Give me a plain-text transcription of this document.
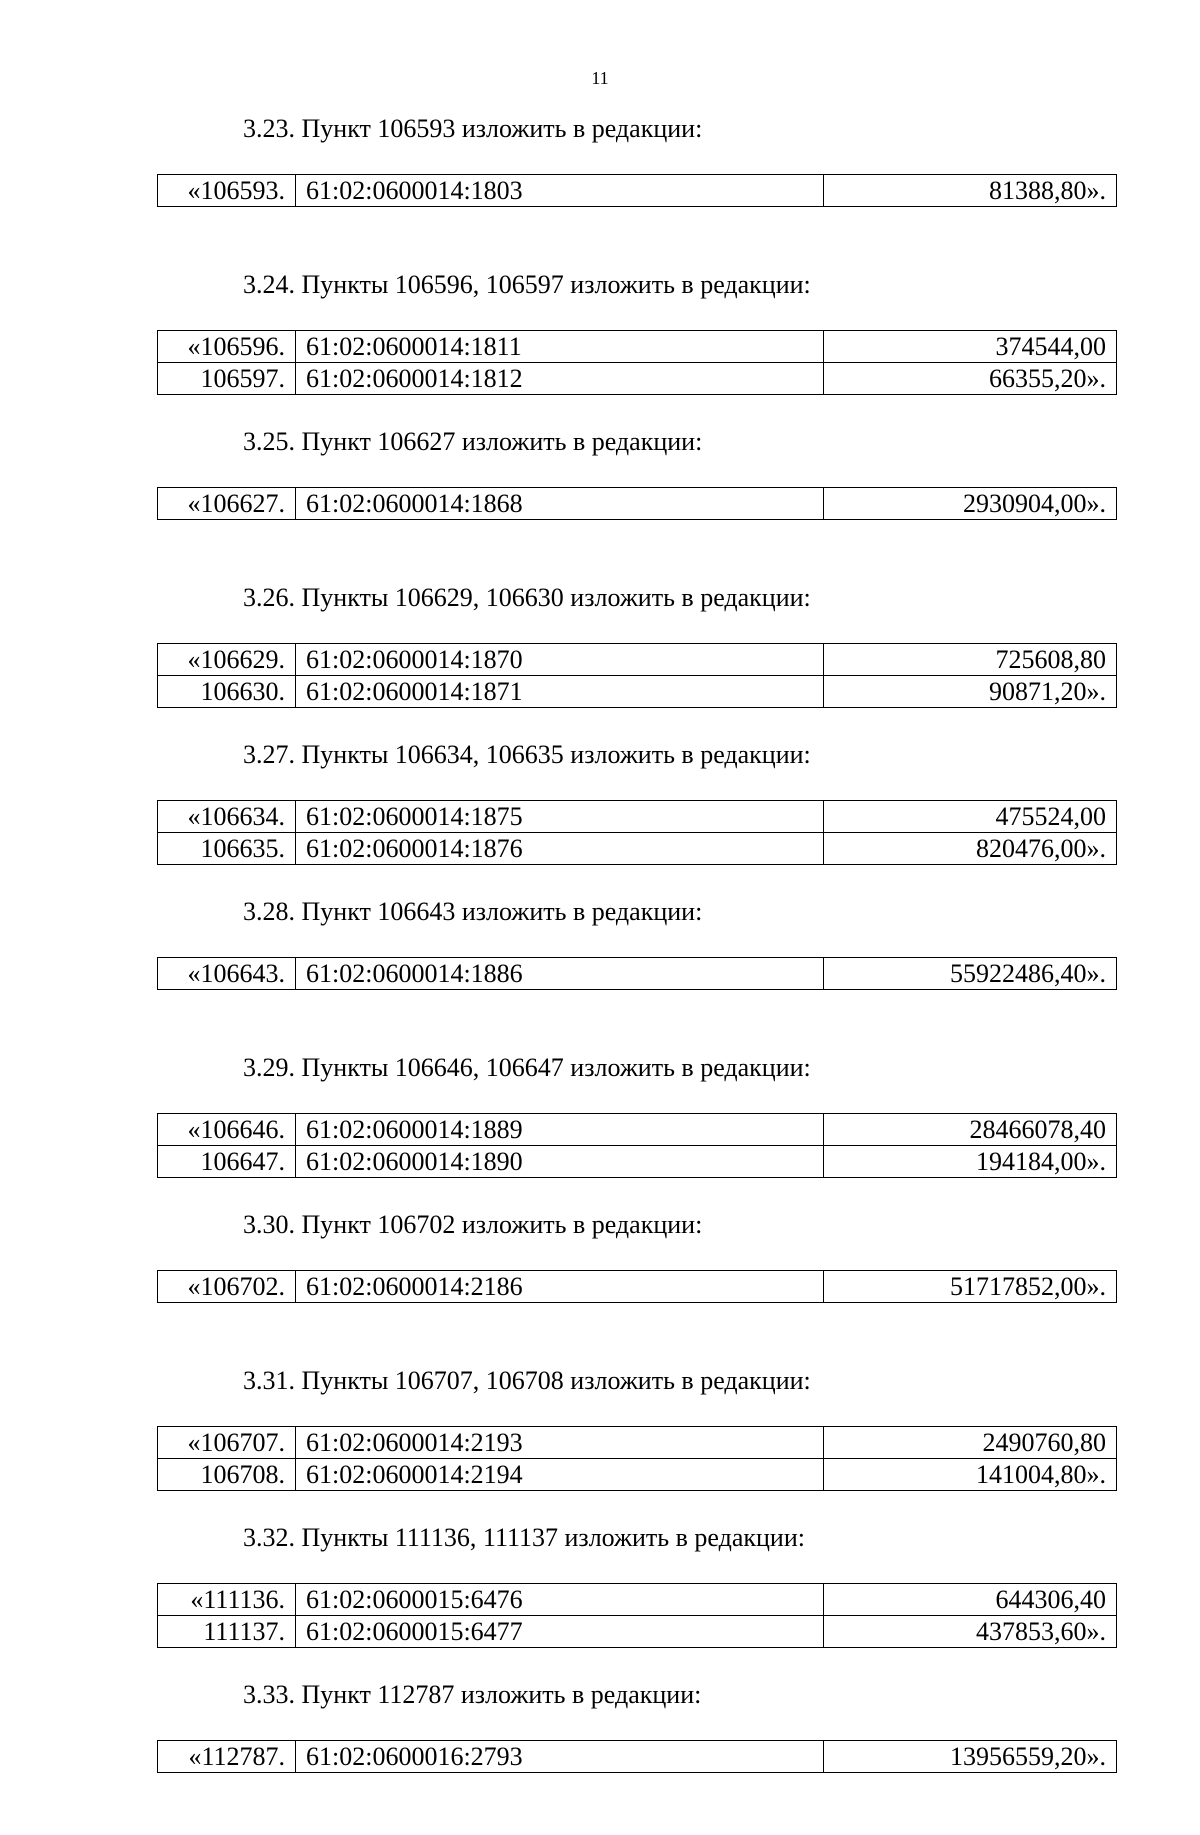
11
3.23. Пункт 106593 изложить в редакции:
«106593.	61:02:0600014:1803	81388,80».
3.24. Пункты 106596, 106597 изложить в редакции:
«106596.	61:02:0600014:1811	374544,00
106597.	61:02:0600014:1812	66355,20».
3.25. Пункт 106627 изложить в редакции:
«106627.	61:02:0600014:1868	2930904,00».
3.26. Пункты 106629, 106630 изложить в редакции:
«106629.	61:02:0600014:1870	725608,80
106630.	61:02:0600014:1871	90871,20».
3.27. Пункты 106634, 106635 изложить в редакции:
«106634.	61:02:0600014:1875	475524,00
106635.	61:02:0600014:1876	820476,00».
3.28. Пункт 106643 изложить в редакции:
«106643.	61:02:0600014:1886	55922486,40».
3.29. Пункты 106646, 106647 изложить в редакции:
«106646.	61:02:0600014:1889	28466078,40
106647.	61:02:0600014:1890	194184,00».
3.30. Пункт 106702 изложить в редакции:
«106702.	61:02:0600014:2186	51717852,00».
3.31. Пункты 106707, 106708 изложить в редакции:
«106707.	61:02:0600014:2193	2490760,80
106708.	61:02:0600014:2194	141004,80».
3.32. Пункты 111136, 111137 изложить в редакции:
«111136.	61:02:0600015:6476	644306,40
111137.	61:02:0600015:6477	437853,60».
3.33. Пункт 112787 изложить в редакции:
«112787.	61:02:0600016:2793	13956559,20».
